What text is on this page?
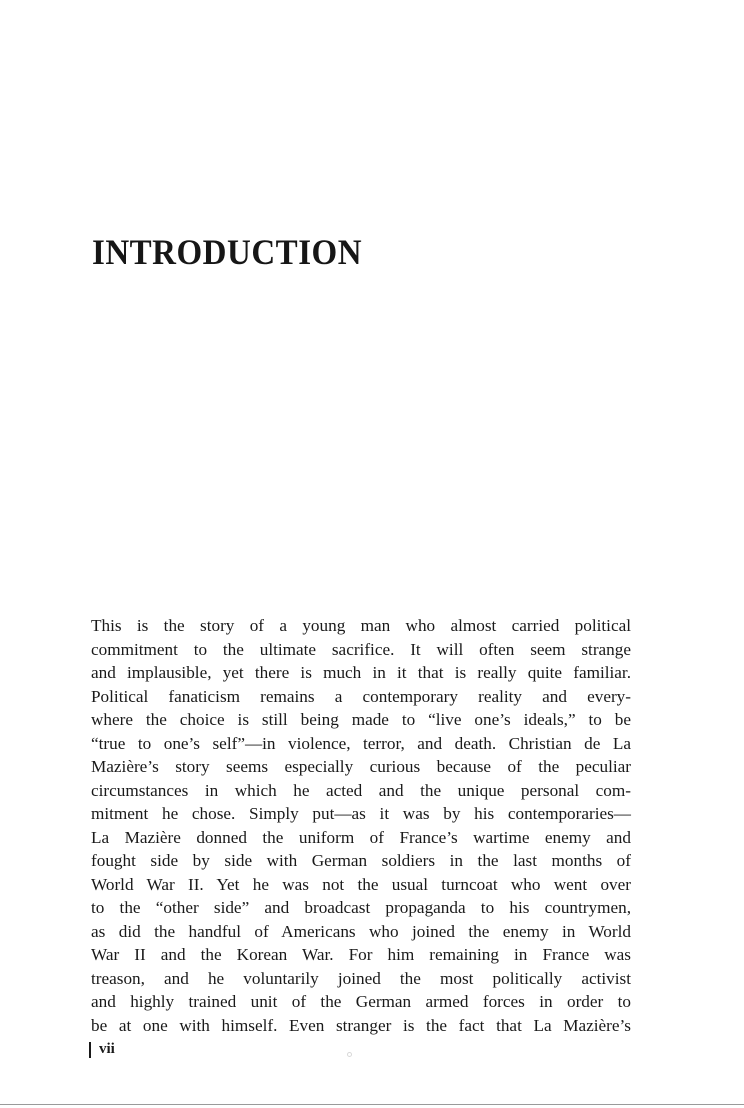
INTRODUCTION
This is the story of a young man who almost carried political
commitment to the ultimate sacrifice. It will often seem strange
and implausible, yet there is much in it that is really quite familiar.
Political fanaticism remains a contemporary reality and every-
where the choice is still being made to “live one’s ideals,” to be
“true to one’s self”—in violence, terror, and death. Christian de La
Mazière’s story seems especially curious because of the peculiar
circumstances in which he acted and the unique personal com-
mitment he chose. Simply put—as it was by his contemporaries—
La Mazière donned the uniform of France’s wartime enemy and
fought side by side with German soldiers in the last months of
World War II. Yet he was not the usual turncoat who went over
to the “other side” and broadcast propaganda to his countrymen,
as did the handful of Americans who joined the enemy in World
War II and the Korean War. For him remaining in France was
treason, and he voluntarily joined the most politically activist
and highly trained unit of the German armed forces in order to
be at one with himself. Even stranger is the fact that La Mazière’s
vii
